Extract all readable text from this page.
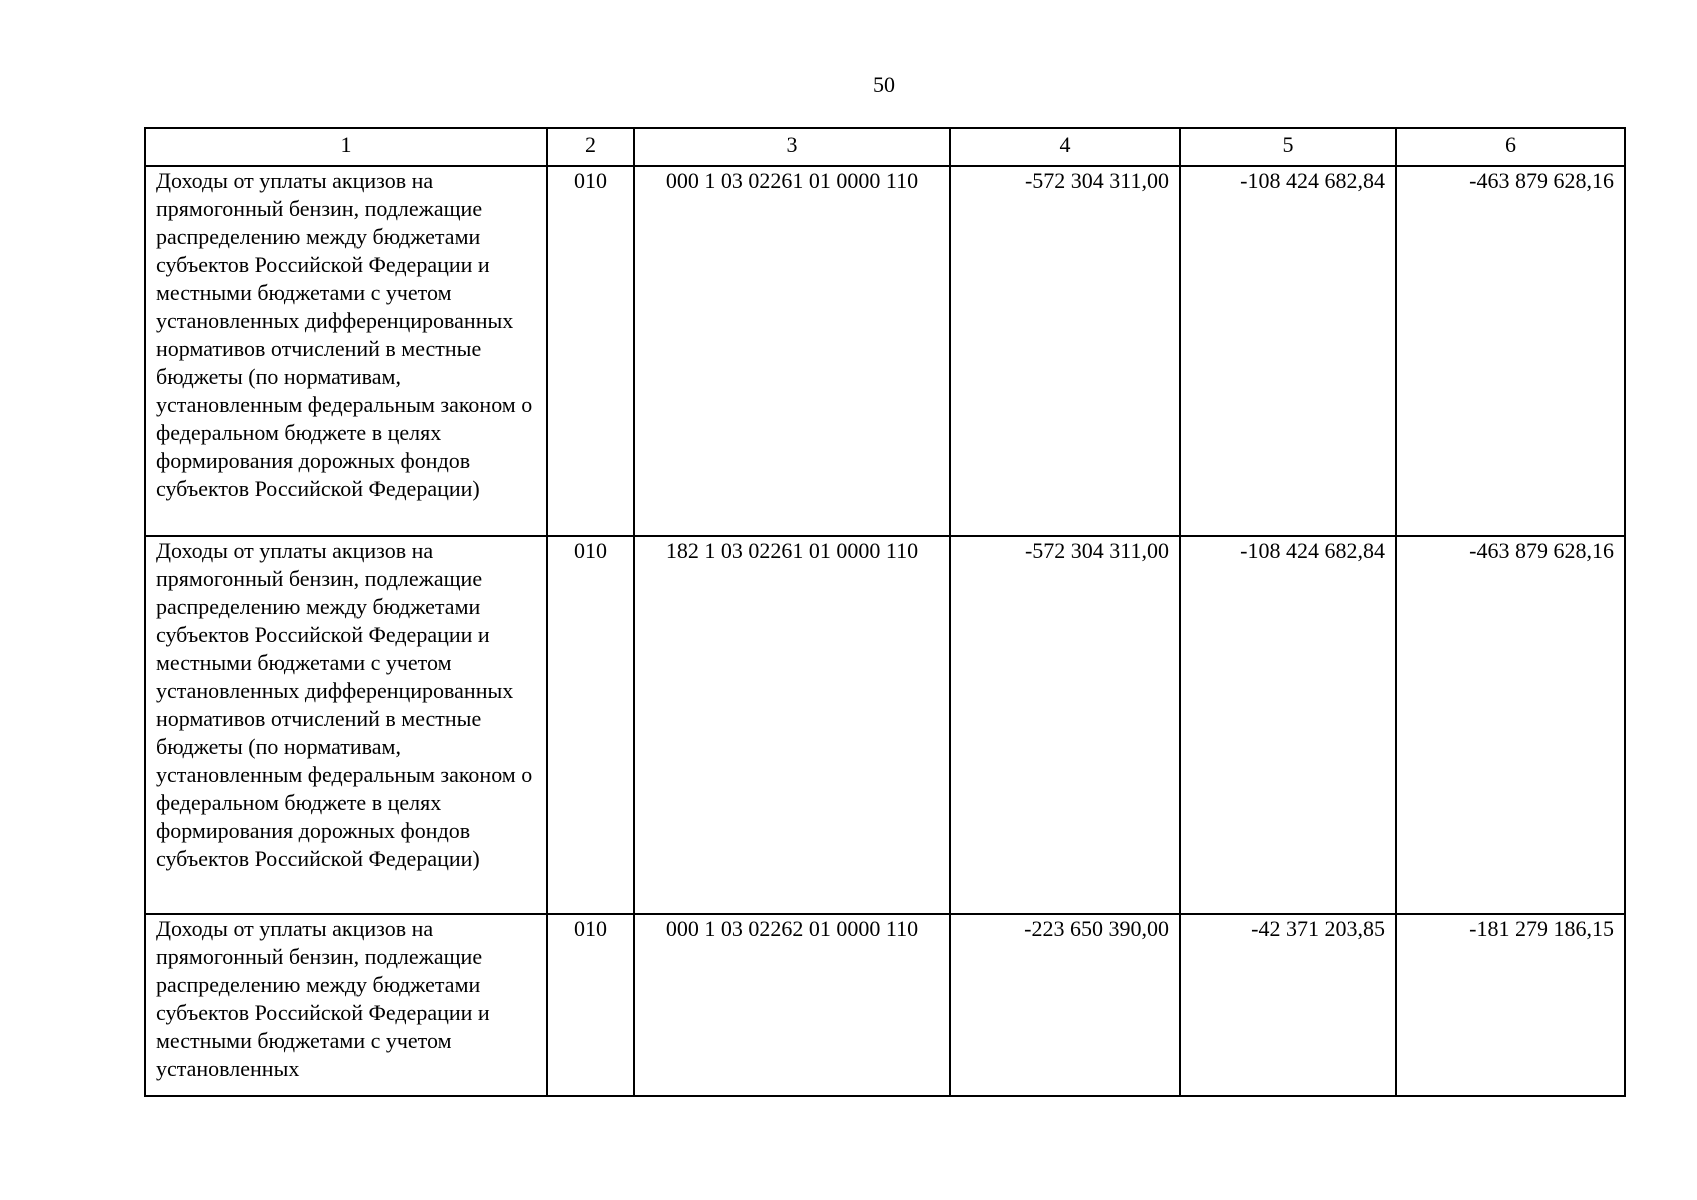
50
1	2	3	4	5	6
Доходы от уплаты акцизов на прямогонный бензин, подлежащие распределению между бюджетами субъектов Российской Федерации и местными бюджетами с учетом установленных дифференцированных нормативов отчислений в местные бюджеты (по нормативам, установленным федеральным законом о федеральном бюджете в целях формирования дорожных фондов субъектов Российской Федерации)	010	000 1 03 02261 01 0000 110	-572 304 311,00	-108 424 682,84	-463 879 628,16
Доходы от уплаты акцизов на прямогонный бензин, подлежащие распределению между бюджетами субъектов Российской Федерации и местными бюджетами с учетом установленных дифференцированных нормативов отчислений в местные бюджеты (по нормативам, установленным федеральным законом о федеральном бюджете в целях формирования дорожных фондов субъектов Российской Федерации)	010	182 1 03 02261 01 0000 110	-572 304 311,00	-108 424 682,84	-463 879 628,16
Доходы от уплаты акцизов на прямогонный бензин, подлежащие распределению между бюджетами субъектов Российской Федерации и местными бюджетами с учетом установленных	010	000 1 03 02262 01 0000 110	-223 650 390,00	-42 371 203,85	-181 279 186,15
